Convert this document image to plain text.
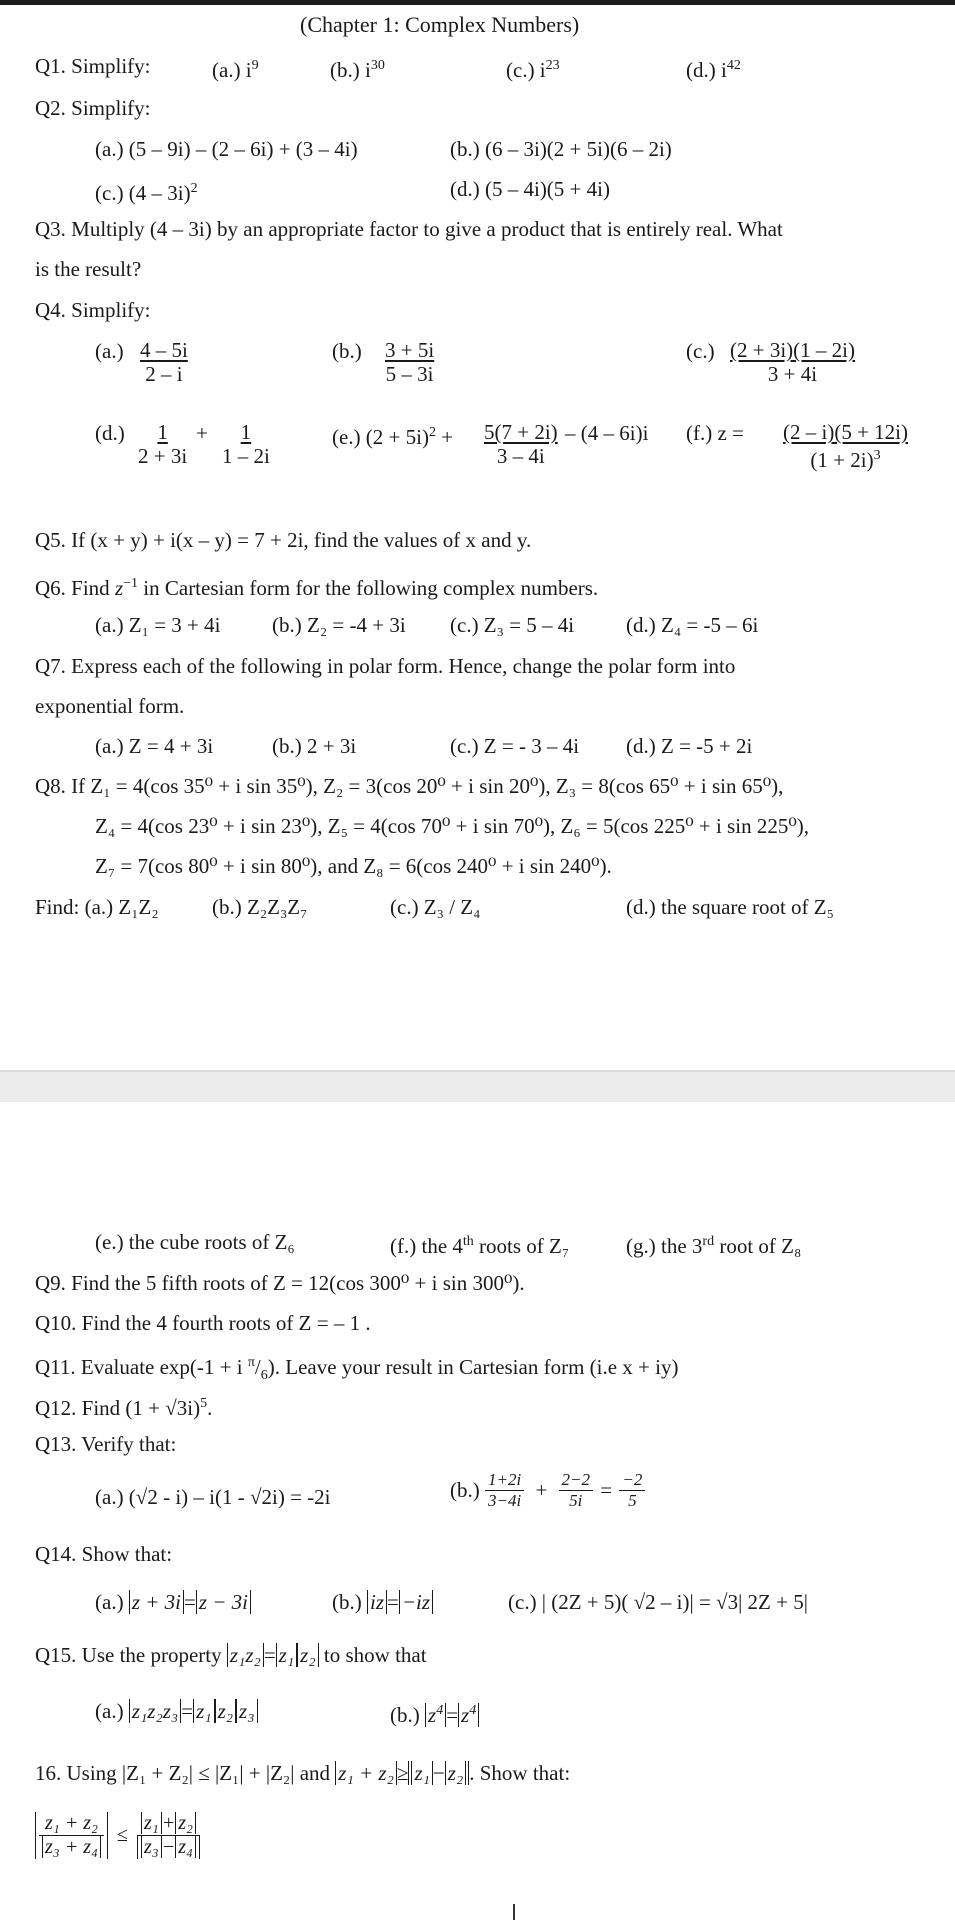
(Chapter 1: Complex Numbers)
Q1. Simplify:	(a.) $i^9$	(b.) $i^{30}$	(c.) $i^{23}$	(d.) $i^{42}$
Q2. Simplify:
(a.) (5 – 9i) – (2 – 6i) + (3 – 4i)	(b.) (6 – 3i)(2 + 5i)(6 – 2i)
(c.) (4 – 3i)$^2$	(d.) (5 – 4i)(5 + 4i)
Q3. Multiply (4 – 3i) by an appropriate factor to give a product that is entirely real. What
is the result?
Q4. Simplify:
$(a.) \frac{4 - 5i}{2 - i}$	$(b.) \frac{3 + 5i}{5 - 3i}$	$(c.) \frac{(2 + 3i)(1 - 2i)}{3 + 4i}$
$(d.) \frac{1}{2 + 3i} + \frac{1}{1 - 2i}$	(e.) $(2 + 5i)^2 + \frac{5(7 + 2i)}{3 - 4i} - (4 - 6i)i$ (f.) $z = \frac{(2 - i)(5 + 12i)}{(1 + 2i)^3}$
Q5. If (x + y) + i(x – y) = 7 + 2i, find the values of x and y.
Q6. Find $z^{-1}$ in Cartesian form for the following complex numbers.
(a.) Z₁ = 3 + 4i (b.) Z₂ = -4 + 3i (c.) Z₃ = 5 – 4i (d.) Z₄ = -5 – 6i
Q7. Express each of the following in polar form. Hence, change the polar form into
exponential form.
(a.) Z = 4 + 3i	(b.) 2 + 3i	(c.) Z = - 3 – 4i (d.) Z = -5 + 2i
Q8. If Z₁ = 4(cos 35⁰ + i sin 35⁰), Z₂ = 3(cos 20⁰ + i sin 20⁰), Z₃ = 8(cos 65⁰ + i sin 65⁰),
Z₄ = 4(cos 23⁰ + i sin 23⁰), Z₅ = 4(cos 70⁰ + i sin 70⁰), Z₆ = 5(cos 225⁰ + i sin 225⁰),
Z₇ = 7(cos 80⁰ + i sin 80⁰), and Z₈ = 6(cos 240⁰ + i sin 240⁰).
Find: (a.) Z₁Z₂	(b.) Z₂Z₃Z₇	(c.) Z₃ / Z₄	(d.) the square root of Z₅
(e.) the cube roots of Z₆	(f.) the 4th roots of Z₇	(g.) the 3rd root of Z₈
Q9. Find the 5 fifth roots of Z = 12(cos 300⁰ + i sin 300⁰).
Q10. Find the 4 fourth roots of Z = – 1 .
Q11. Evaluate exp(-1 + i $^\pi/_6$). Leave your result in Cartesian form (i.e x + iy)
Q12. Find $(1 + √3i)^5$.
Q13. Verify that:
(a.) (√2 - i) – i(1 - √2i) = -2i	$(b.) \frac{1+2i}{3-4i} + \frac{2-2}{5i} = \frac{-2}{5}$
Q14. Show that:
(a.) z + 3i = z − 3i	(b.) iz = −iz	(c.) | (2Z + 5)( √2 – i)| = √3| 2Z + 5|
Q15. Use the property z₁z₂ = z₁ z₂ to show that
(a.) z₁z₂z₃ = z₁ z₂ z₃	(b.) $z^4 = z^4$
16. Using |Z₁ + Z₂| ≤ |Z₁| + |Z₂| and z₁ + z₂ ≥ z₁ − z₂ . Show that:
$\frac{\text{z₁ + z₂}}{\text{z₃ + z₄}} \le \frac{\text{z₁ + z₂}}{\text{z₃ − z₄}}$
